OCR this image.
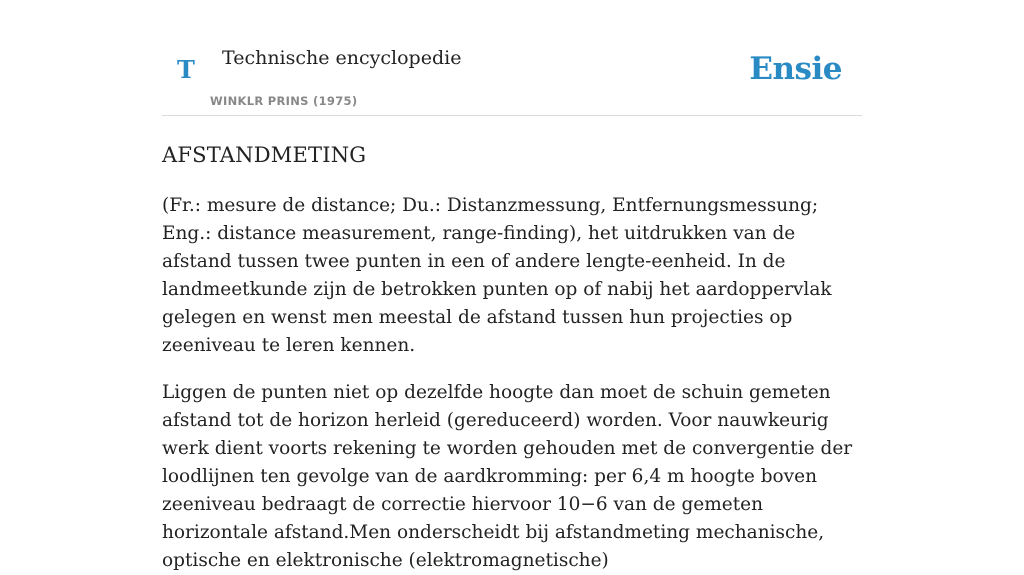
T Technische encyclopedie
WINKLR PRINS (1975)
Ensie
AFSTANDMETING

(Fr.: mesure de distance; Du.: Distanzmessung, Entfernungsmessung; Eng.: distance measurement, range-finding), het uitdrukken van de afstand tussen twee punten in een of andere lengte-eenheid. In de landmeetkunde zijn de betrokken punten op of nabij het aardoppervlak gelegen en wenst men meestal de afstand tussen hun projecties op zeeniveau te leren kennen.

Liggen de punten niet op dezelfde hoogte dan moet de schuin gemeten afstand tot de horizon herleid (gereduceerd) worden. Voor nauwkeurig werk dient voorts rekening te worden gehouden met de convergentie der loodlijnen ten gevolge van de aardkromming: per 6,4 m hoogte boven zeeniveau bedraagt de correctie hiervoor 10−6 van de gemeten horizontale afstand.Men onderscheidt bij afstandmeting mechanische, optische en elektronische (elektromagnetische)
